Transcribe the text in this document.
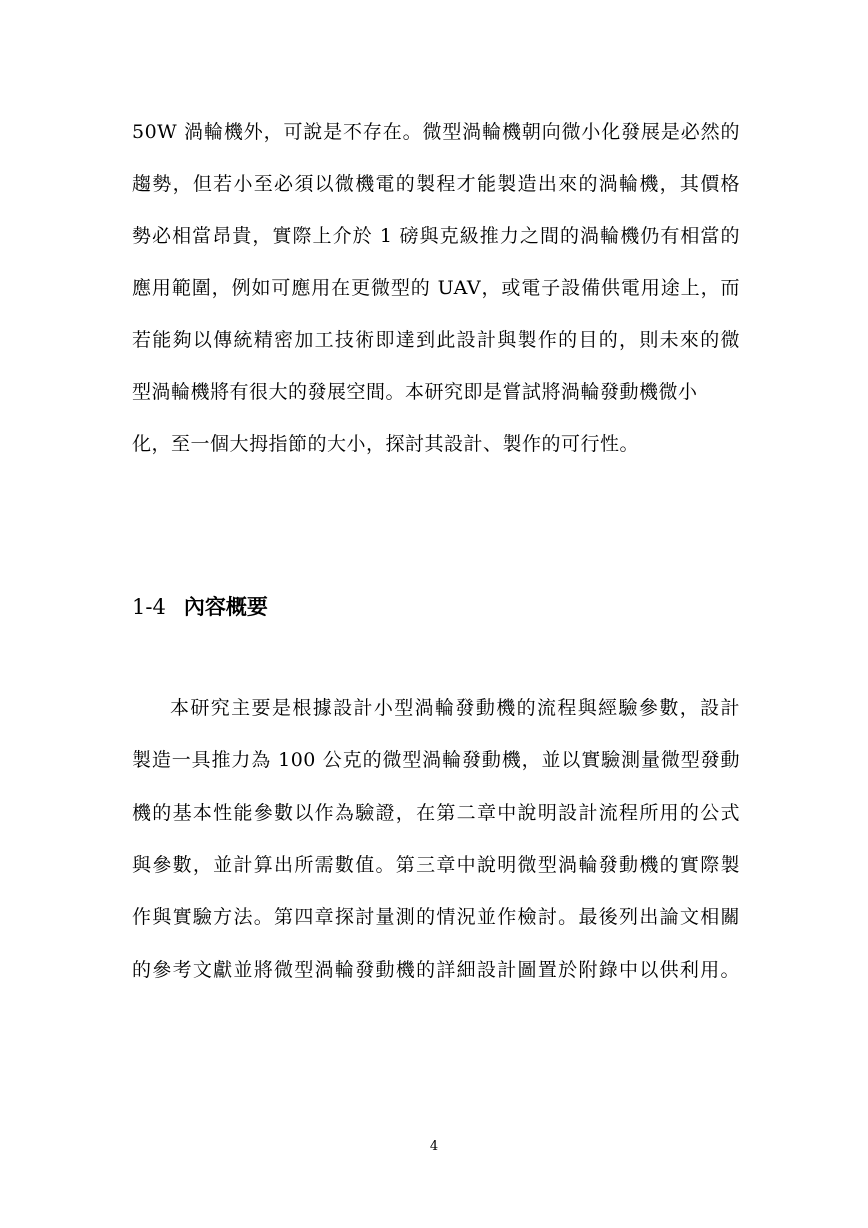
50W 渦輪機外，可說是不存在。微型渦輪機朝向微小化發展是必然的
趨勢，但若小至必須以微機電的製程才能製造出來的渦輪機，其價格
勢必相當昂貴，實際上介於 1 磅與克級推力之間的渦輪機仍有相當的
應用範圍，例如可應用在更微型的 UAV，或電子設備供電用途上，而
若能夠以傳統精密加工技術即達到此設計與製作的目的，則未來的微
型渦輪機將有很大的發展空間。本研究即是嘗試將渦輪發動機微小
化，至一個大拇指節的大小，探討其設計、製作的可行性。
1-4 內容概要
本研究主要是根據設計小型渦輪發動機的流程與經驗參數，設計
製造一具推力為 100 公克的微型渦輪發動機，並以實驗測量微型發動
機的基本性能參數以作為驗證，在第二章中說明設計流程所用的公式
與參數，並計算出所需數值。第三章中說明微型渦輪發動機的實際製
作與實驗方法。第四章探討量測的情況並作檢討。最後列出論文相關
的參考文獻並將微型渦輪發動機的詳細設計圖置於附錄中以供利用。
4
